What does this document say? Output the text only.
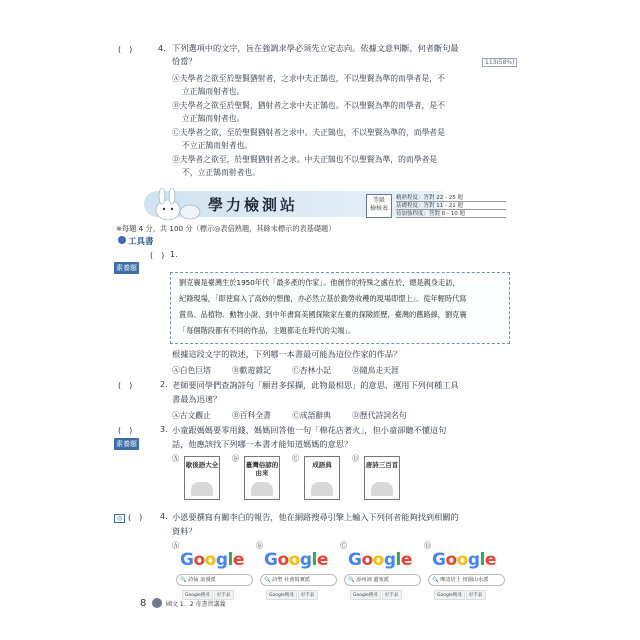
(　)	4. 下列選項中的文字，旨在強調求學必須先立定志向。依據文意判斷，何者斷句最
恰當？	113(58%)
Ⓐ夫學者之欲至於聖賢猶射者，之求中夫正鵠也，不以聖賢為準的而學者是，不
立正鵠而射者也。
Ⓑ夫學者之欲至於聖賢，猶射者之求中夫正鵠也。不以聖賢為準的而學者，是不
立正鵠而射者也。
Ⓒ夫學者之欲，至於聖賢猶射者之求中。夫正鵠也，不以聖賢為準的，而學者是
不立正鵠而射者也。
Ⓓ夫學者之欲至，於聖賢猶射者之求。中夫正鵠也不以聖賢為準，的而學者是
不，立正鵠而射者也。
學力檢測站	等級
檢核表
精熟程度：答對 22 - 25 題
基礎程度：答對 11 - 21 題
待加強程度：答對 0 - 10 題
※每題 4 分，共 100 分（標示◎表倍熟題，其餘未標示的表基礎題）
工具書
(　) 1.
素養題
劉克襄是臺灣生於1950年代「最多產的作家」。他創作的特殊之處在於，總是親身走訪，
紀錄現場，「即使寫入了高妙的想像，亦必然立基於勤勞收穫的現場即憬上」。從年輕時代寫
賞鳥、品植物、動物小說、到中年書寫美國探險家在臺的探險經歷，臺灣的舊路線，劉克襄
「每個階段都有不同的作品，主題都走在時代的尖端」。
根據這段文字的敘述，下列哪一本書最可能為這位作家的作品？
Ⓐ白色巨塔	Ⓑ歡遊雜記	Ⓒ杏林小記	Ⓓ隨鳥走天涯
(　)	2. 老師要同學們查詢詩句「願君多採擷，此物最相思」的意思，運用下列何種工具
書最為迅速？
Ⓐ古文觀止	Ⓑ百科全書	Ⓒ成語辭典	Ⓓ歷代詩詞名句
(　)	3.
素養題
小童跟媽媽要零用錢，媽媽回答他一句「棉花店著火」，但小童卻聽不懂這句
話，他應該找下列哪一本書才能知道媽媽的意思？
Ⓐ
歇後語大全
Ⓑ
臺灣俗諺的由來
Ⓒ
成語典
Ⓓ
唐詩三百首
◎ (　) 4. 小恩要撰寫有關李白的報告，他在網路搜尋引擎上輸入下列何者能夠找到相關的
資料？
Ⓐ
Google
🔍 詩仙 浪漫派
Google搜尋	好手氣
Ⓑ
Google
🔍 詩聖 社會寫實派
Google搜尋	好手氣
Ⓒ
Google
🔍 添州詞 邊塞派
Google搜尋	好手氣
Ⓓ
Google
🔍 摩詰居士 田園山水派
Google搜尋	好手氣
8	國文 1．2 奇書習講義
